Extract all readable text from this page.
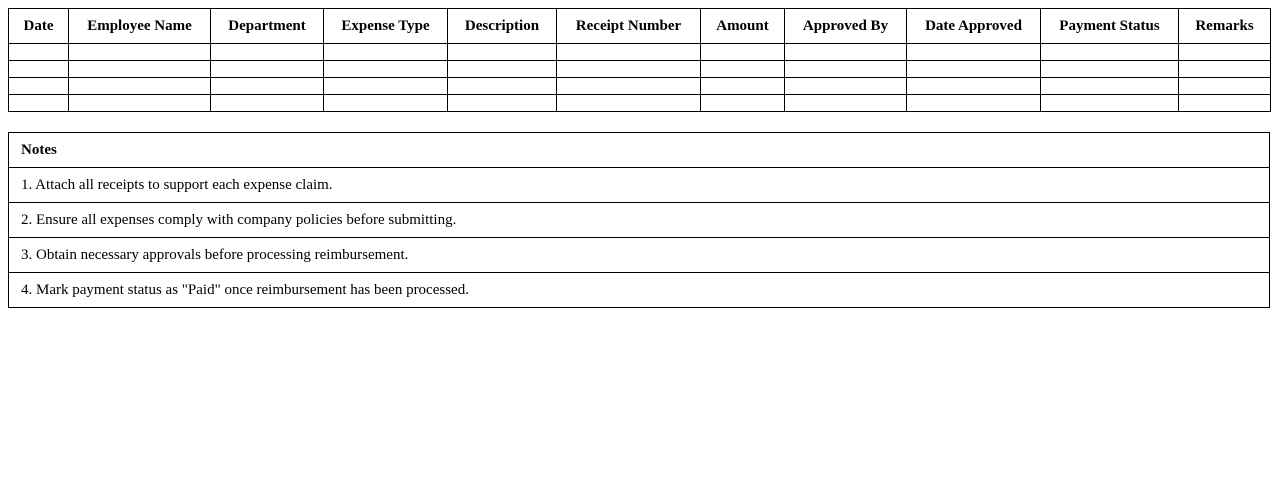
Date	Employee Name	Department	Expense Type	Description	Receipt Number	Amount	Approved By	Date Approved	Payment Status	Remarks

Notes
1. Attach all receipts to support each expense claim.
2. Ensure all expenses comply with company policies before submitting.
3. Obtain necessary approvals before processing reimbursement.
4. Mark payment status as "Paid" once reimbursement has been processed.
